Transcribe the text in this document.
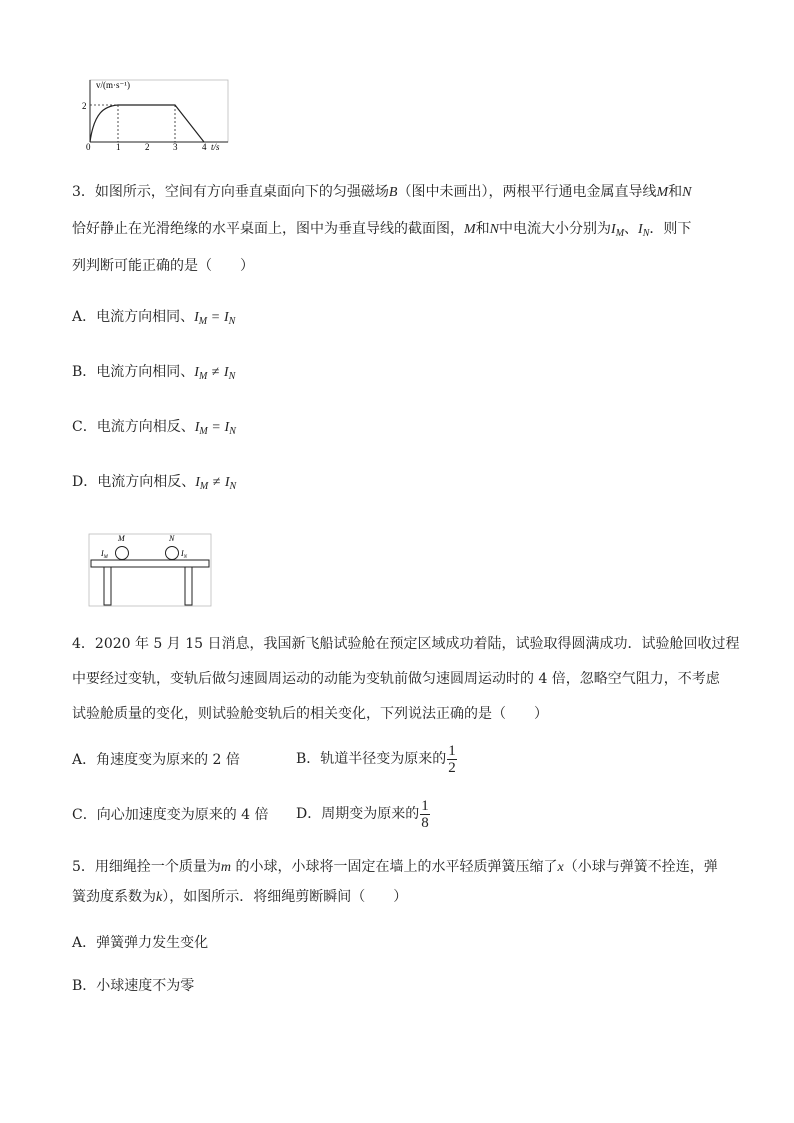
v/(m·s⁻¹)
2
0	1	2	3	4 t/s
3．如图所示，空间有方向垂直桌面向下的匀强磁场B（图中未画出），两根平行通电金属直导线M和N
恰好静止在光滑绝缘的水平桌面上，图中为垂直导线的截面图，M和N中电流大小分别为$I_M$、$I_N$．则下
列判断可能正确的是（　　）
A．电流方向相同、$I_M = I_N$
B．电流方向相同、$I_M \ne I_N$
C．电流方向相反、$I_M = I_N$
D．电流方向相反、$I_M \ne I_N$
M	N
$I_M$	$I_N$
4．2020 年 5 月 15 日消息，我国新飞船试验舱在预定区域成功着陆，试验取得圆满成功．试验舱回收过程
中要经过变轨，变轨后做匀速圆周运动的动能为变轨前做匀速圆周运动时的 4 倍，忽略空气阻力，不考虑
试验舱质量的变化，则试验舱变轨后的相关变化，下列说法正确的是（　　）
A．角速度变为原来的 2 倍	B．轨道半径变为原来的 $\frac{1}{2}$
C．向心加速度变为原来的 4 倍 D．周期变为原来的 $\frac{1}{8}$
5．用细绳拴一个质量为m 的小球，小球将一固定在墙上的水平轻质弹簧压缩了x（小球与弹簧不拴连，弹
簧劲度系数为k），如图所示．将细绳剪断瞬间（　　）
A．弹簧弹力发生变化
B．小球速度不为零
